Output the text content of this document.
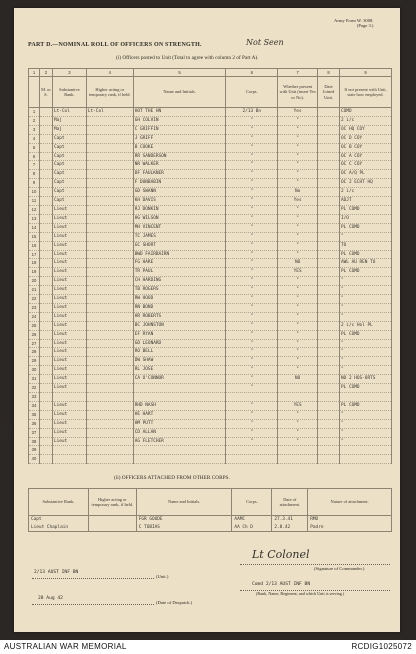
Army Form W. 3008.
(Page 3.)
PART D.—NOMINAL ROLL OF OFFICERS ON STRENGTH.	Not Seen
(i) Officers posted to Unit (Total to agree with column 2 of Part A).
1	2	3	4	5	6	7	8	9
	M. or S.	Substantive Rank.	Higher acting or temporary rank, if held.	Name and Initials.	Corps.	Whether present with Unit (insert Yes or No).	Date Joined Unit.	If not present with Unit, state how employed.
1		Lt-Col	Lt-Col	HOT THE HN	2/13 Bn	Yes		COMD
2		Maj		GH COLVIN	"	"		2 i/c
3		Maj		C GRIFFIN	"	"		OC HQ COY
4		Capt		J GRIFF	"	"		OC D COY
5		Capt		B COOKE	"	"		OC B COY
6		Capt		RR SANDERSON	"	"		OC A COY
7		Capt		NR WALKER	"	"		OC C COY
8		Capt		DF FAULKNER	"	"		OC A/Q PL
9		Capt		F DUNBABIN	"	"		OC 2 ECHT HQ
10		Capt		GD SWANN	"	No		2 i/c
11		Capt		KH DAVIS	"	Yes		ADJT
12		Lieut		RJ DONKIN	"	"		PL COMD
13		Lieut		HG WILSON	"	"		I/O
14		Lieut		MH VINCENT	"	"		PL COMD
15		Lieut		TC JAMES	"	"		"
16		Lieut		GC SHORT	"	"		TO
17		Lieut		BWD FAIRBAIRN	"	"		PL COMD
18		Lieut		FG HARE	"	NO		AWL AU REN TO
19		Lieut		TR PAUL	"	YES		PL COMD
20		Lieut		CH HARDING	"	"		"
21		Lieut		TB ROGERS	"	"		"
22		Lieut		RW HOOD	"	"		"
23		Lieut		RN BOND	"	"		"
24		Lieut		HR ROBERTS	"	"		"
25		Lieut		BC JOHNSTON	"	"		2 i/c Hol PL
26		Lieut		EF RYAN	"	"		PL COMD
27		Lieut		GD LEONARD	"	"		"
28		Lieut		RO BELL	"	"		"
29		Lieut		DW SHAW	"	"		"
30		Lieut		RL JOSE	"	"		"
31		Lieut		CA O'CONNOR	"	NO		NO 2 HOS-ORTS
32		Lieut			"			PL COMD
33								
34		Lieut		RHD NASH	"	YES		PL COMD
35		Lieut		HE HART	"	"		"
36		Lieut		HM PUTT	"	"		"
37		Lieut		CD ALLAN	"	"		"
38		Lieut		AG FLETCHER	"	"		"
39								
40								
(ii) OFFICERS ATTACHED FROM OTHER CORPS.
Substantive Rank.	Higher acting or temporary rank, if held.	Name and Initials.	Corps.	Date of attachment.	Nature of attachment.
Capt		FGR GOODE	AAMC	27.3.41	RMO
Lieut Chaplain		C TOBIAS	AA Ch D	2.8.42	Padre
2/13 AUST INF BN
(Unit.)
28 Aug 42
(Date of Despatch.)
Lt Colonel
(Signature of Commander.)
Comd 2/13 AUST INF BN
(Rank, Name, Regiment, and which Unit is serving.)
13
15
30
31
AUSTRALIAN WAR MEMORIAL	RCDIG1025072
